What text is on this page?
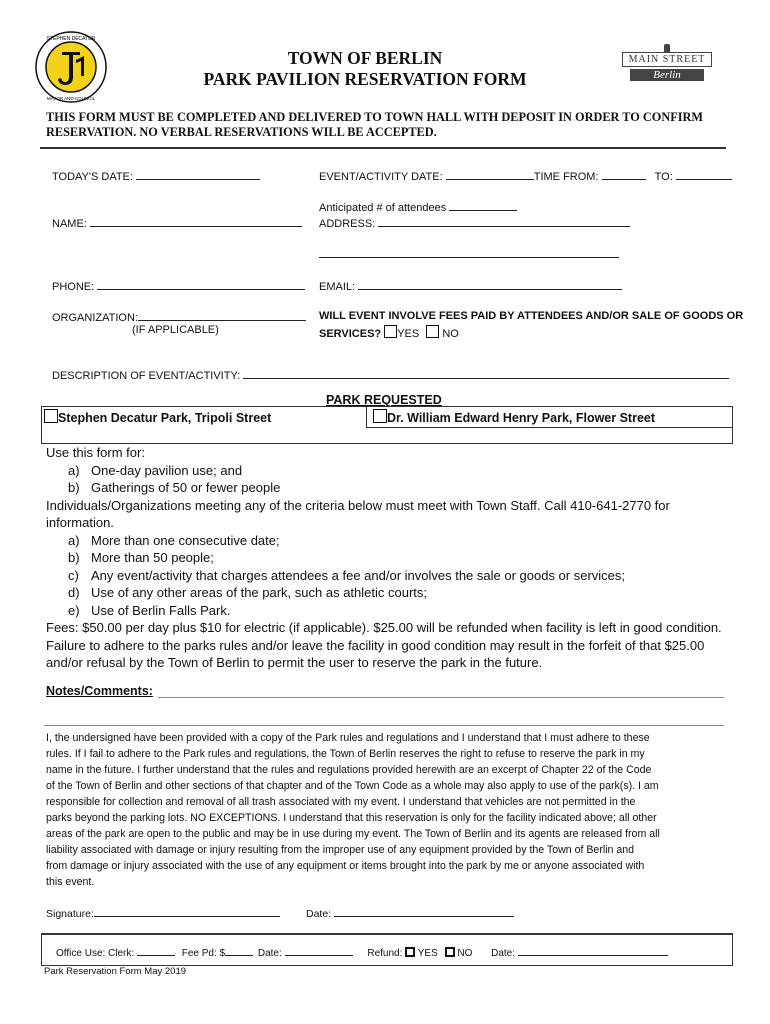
STEPHEN DECATUR
MAYOR AND COUNCIL
TOWN OF BERLIN
PARK PAVILION RESERVATION FORM
MAIN STREET
Berlin
THIS FORM MUST BE COMPLETED AND DELIVERED TO TOWN HALL WITH DEPOSIT IN ORDER TO CONFIRM RESERVATION. NO VERBAL RESERVATIONS WILL BE ACCEPTED.
TODAY'S DATE:	EVENT/ACTIVITY DATE:	TIME FROM:	TO:
Anticipated # of attendees
NAME:	ADDRESS:
PHONE:	EMAIL:
ORGANIZATION:
(IF APPLICABLE)
WILL EVENT INVOLVE FEES PAID BY ATTENDEES AND/OR SALE OF GOODS OR
SERVICES? YES NO
DESCRIPTION OF EVENT/ACTIVITY:
PARK REQUESTED
Stephen Decatur Park, Tripoli Street	Dr. William Edward Henry Park, Flower Street
Use this form for:
a) One-day pavilion use; and
b) Gatherings of 50 or fewer people
Individuals/Organizations meeting any of the criteria below must meet with Town Staff. Call 410-641-2770 for
information.
a) More than one consecutive date;
b) More than 50 people;
c) Any event/activity that charges attendees a fee and/or involves the sale or goods or services;
d) Use of any other areas of the park, such as athletic courts;
e) Use of Berlin Falls Park.
Fees: $50.00 per day plus $10 for electric (if applicable). $25.00 will be refunded when facility is left in good condition.
Failure to adhere to the parks rules and/or leave the facility in good condition may result in the forfeit of that $25.00
and/or refusal by the Town of Berlin to permit the user to reserve the park in the future.
Notes/Comments:
I, the undersigned have been provided with a copy of the Park rules and regulations and I understand that I must adhere to these
rules. If I fail to adhere to the Park rules and regulations, the Town of Berlin reserves the right to refuse to reserve the park in my
name in the future. I further understand that the rules and regulations provided herewith are an excerpt of Chapter 22 of the Code
of the Town of Berlin and other sections of that chapter and of the Town Code as a whole may also apply to use of the park(s). I am
responsible for collection and removal of all trash associated with my event. I understand that vehicles are not permitted in the
parks beyond the parking lots. NO EXCEPTIONS. I understand that this reservation is only for the facility indicated above; all other
areas of the park are open to the public and may be in use during my event. The Town of Berlin and its agents are released from all
liability associated with damage or injury resulting from the improper use of any equipment provided by the Town of Berlin and
from damage or injury associated with the use of any equipment or items brought into the park by me or anyone associated with
this event.
Signature:	Date:
Office Use: Clerk:	Fee Pd: $	Date:	Refund: YES NO Date:
Park Reservation Form May 2019
